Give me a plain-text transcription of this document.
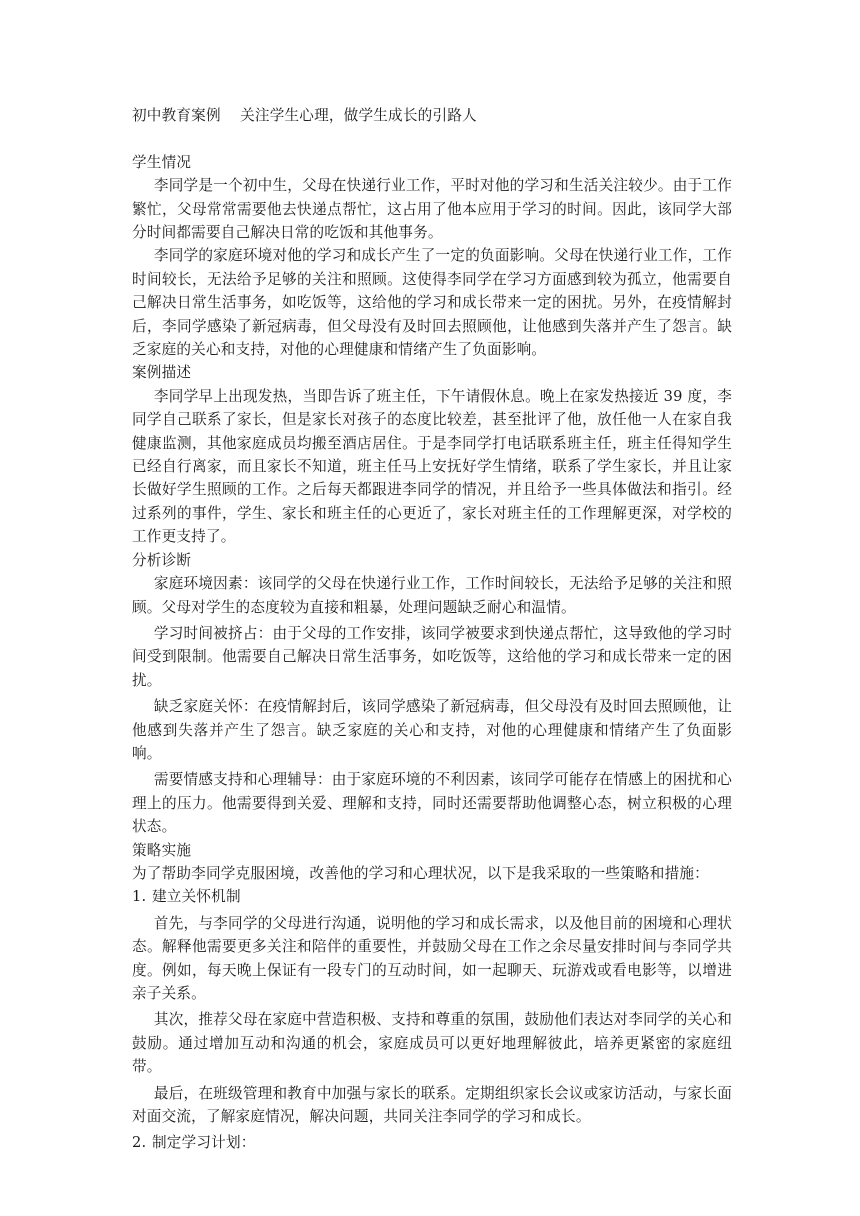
初中教育案例    关注学生心理，做学生成长的引路人

学生情况

李同学是一个初中生，父母在快递行业工作，平时对他的学习和生活关注较少。由于工作繁忙，父母常常需要他去快递点帮忙，这占用了他本应用于学习的时间。因此，该同学大部分时间都需要自己解决日常的吃饭和其他事务。

李同学的家庭环境对他的学习和成长产生了一定的负面影响。父母在快递行业工作，工作时间较长，无法给予足够的关注和照顾。这使得李同学在学习方面感到较为孤立，他需要自己解决日常生活事务，如吃饭等，这给他的学习和成长带来一定的困扰。另外，在疫情解封后，李同学感染了新冠病毒，但父母没有及时回去照顾他，让他感到失落并产生了怨言。缺乏家庭的关心和支持，对他的心理健康和情绪产生了负面影响。

案例描述

李同学早上出现发热，当即告诉了班主任，下午请假休息。晚上在家发热接近 39 度，李同学自己联系了家长，但是家长对孩子的态度比较差，甚至批评了他，放任他一人在家自我健康监测，其他家庭成员均搬至酒店居住。于是李同学打电话联系班主任，班主任得知学生已经自行离家，而且家长不知道，班主任马上安抚好学生情绪，联系了学生家长，并且让家长做好学生照顾的工作。之后每天都跟进李同学的情况，并且给予一些具体做法和指引。经过系列的事件，学生、家长和班主任的心更近了，家长对班主任的工作理解更深，对学校的工作更支持了。

分析诊断

家庭环境因素：该同学的父母在快递行业工作，工作时间较长，无法给予足够的关注和照顾。父母对学生的态度较为直接和粗暴，处理问题缺乏耐心和温情。

学习时间被挤占：由于父母的工作安排，该同学被要求到快递点帮忙，这导致他的学习时间受到限制。他需要自己解决日常生活事务，如吃饭等，这给他的学习和成长带来一定的困扰。

缺乏家庭关怀：在疫情解封后，该同学感染了新冠病毒，但父母没有及时回去照顾他，让他感到失落并产生了怨言。缺乏家庭的关心和支持，对他的心理健康和情绪产生了负面影响。

需要情感支持和心理辅导：由于家庭环境的不利因素，该同学可能存在情感上的困扰和心理上的压力。他需要得到关爱、理解和支持，同时还需要帮助他调整心态，树立积极的心理状态。

策略实施

为了帮助李同学克服困境，改善他的学习和心理状况，以下是我采取的一些策略和措施：

1. 建立关怀机制

首先，与李同学的父母进行沟通，说明他的学习和成长需求，以及他目前的困境和心理状态。解释他需要更多关注和陪伴的重要性，并鼓励父母在工作之余尽量安排时间与李同学共度。例如，每天晚上保证有一段专门的互动时间，如一起聊天、玩游戏或看电影等，以增进亲子关系。

其次，推荐父母在家庭中营造积极、支持和尊重的氛围，鼓励他们表达对李同学的关心和鼓励。通过增加互动和沟通的机会，家庭成员可以更好地理解彼此，培养更紧密的家庭纽带。

最后，在班级管理和教育中加强与家长的联系。定期组织家长会议或家访活动，与家长面对面交流，了解家庭情况，解决问题，共同关注李同学的学习和成长。

2. 制定学习计划：
